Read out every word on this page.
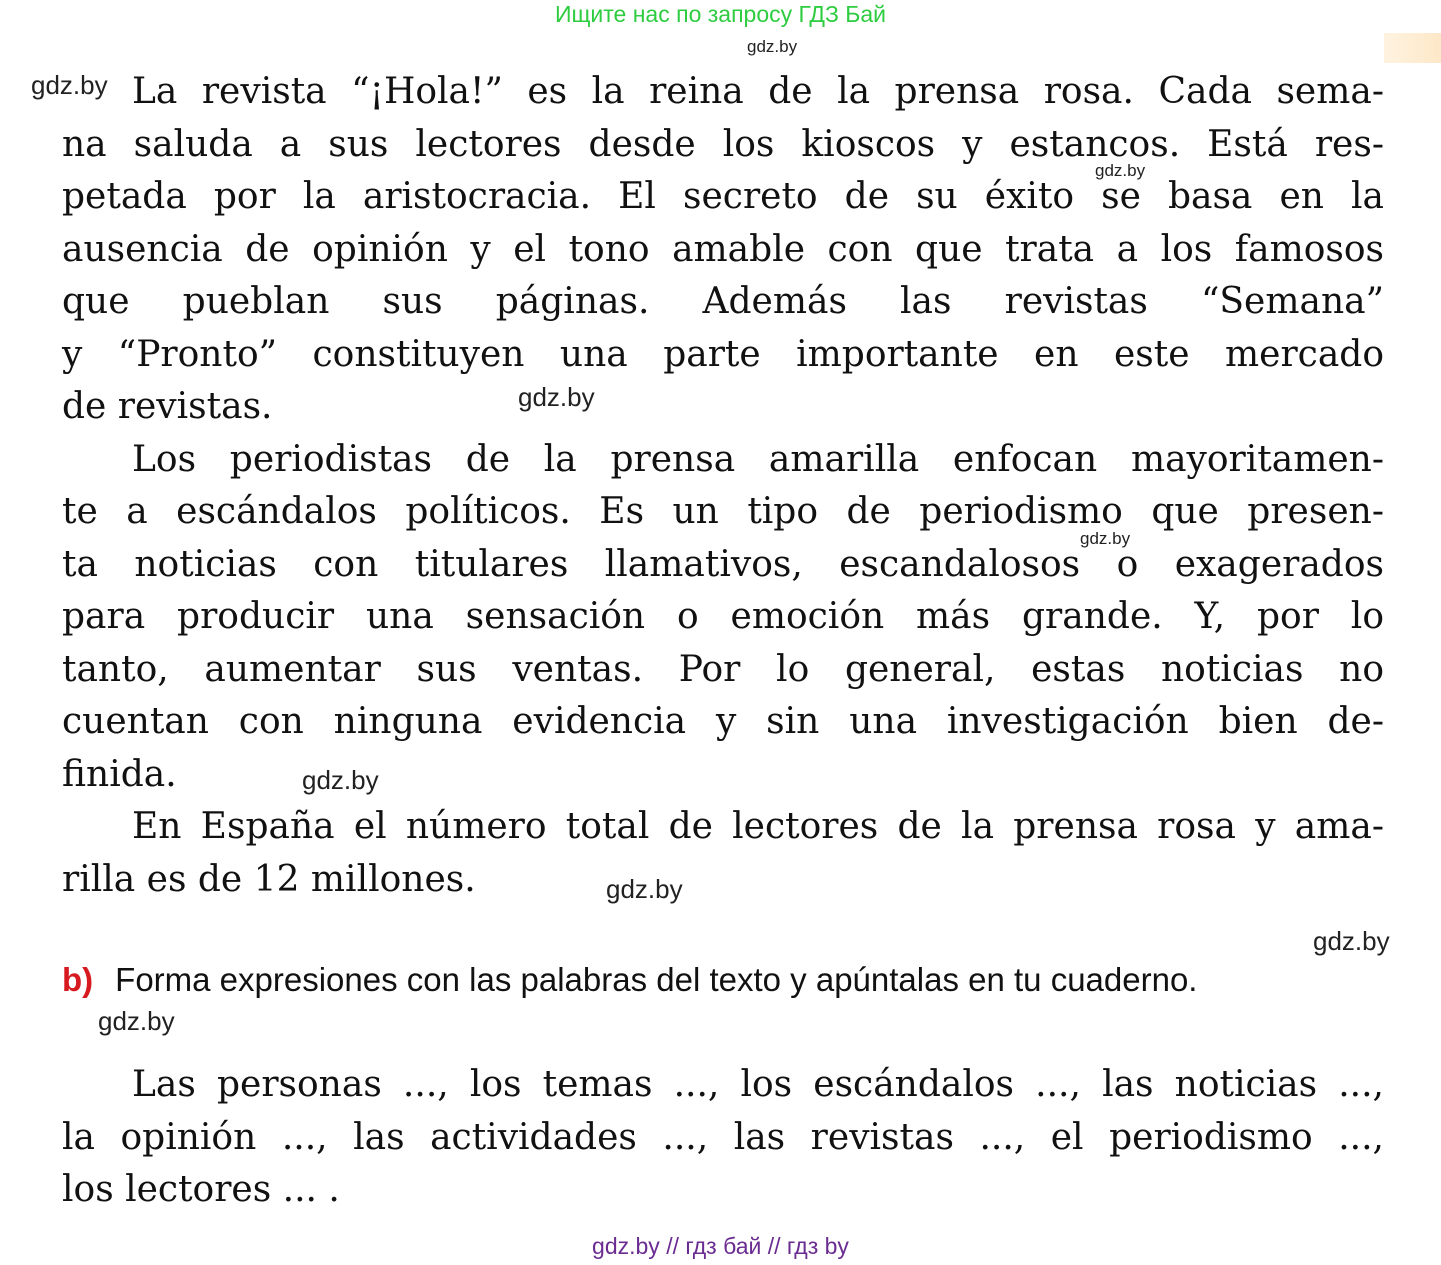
Ищите нас по запросу ГДЗ Бай
gdz.by
gdz.by
gdz.by
gdz.by
gdz.by
gdz.by
gdz.by
gdz.by
gdz.by
La revista “¡Hola!” es la reina de la prensa rosa. Cada sema-
na saluda a sus lectores desde los kioscos y estancos. Está res-
petada por la aristocracia. El secreto de su éxito se basa en la
ausencia de opinión y el tono amable con que trata a los famosos
que pueblan sus páginas. Además las revistas “Semana”
y “Pronto” constituyen una parte importante en este mercado
de revistas.
Los periodistas de la prensa amarilla enfocan mayoritamen-
te a escándalos políticos. Es un tipo de periodismo que presen-
ta noticias con titulares llamativos, escandalosos o exagerados
para producir una sensación o emoción más grande. Y, por lo
tanto, aumentar sus ventas. Por lo general, estas noticias no
cuentan con ninguna evidencia y sin una investigación bien de-
finida.
En España el número total de lectores de la prensa rosa y ama-
rilla es de 12 millones.
b) Forma expresiones con las palabras del texto y apúntalas en tu cuaderno.
Las personas ..., los temas ..., los escándalos ..., las noticias ...,
la opinión ..., las actividades ..., las revistas ..., el periodismo ...,
los lectores ... .
gdz.by // гдз бай // гдз by
